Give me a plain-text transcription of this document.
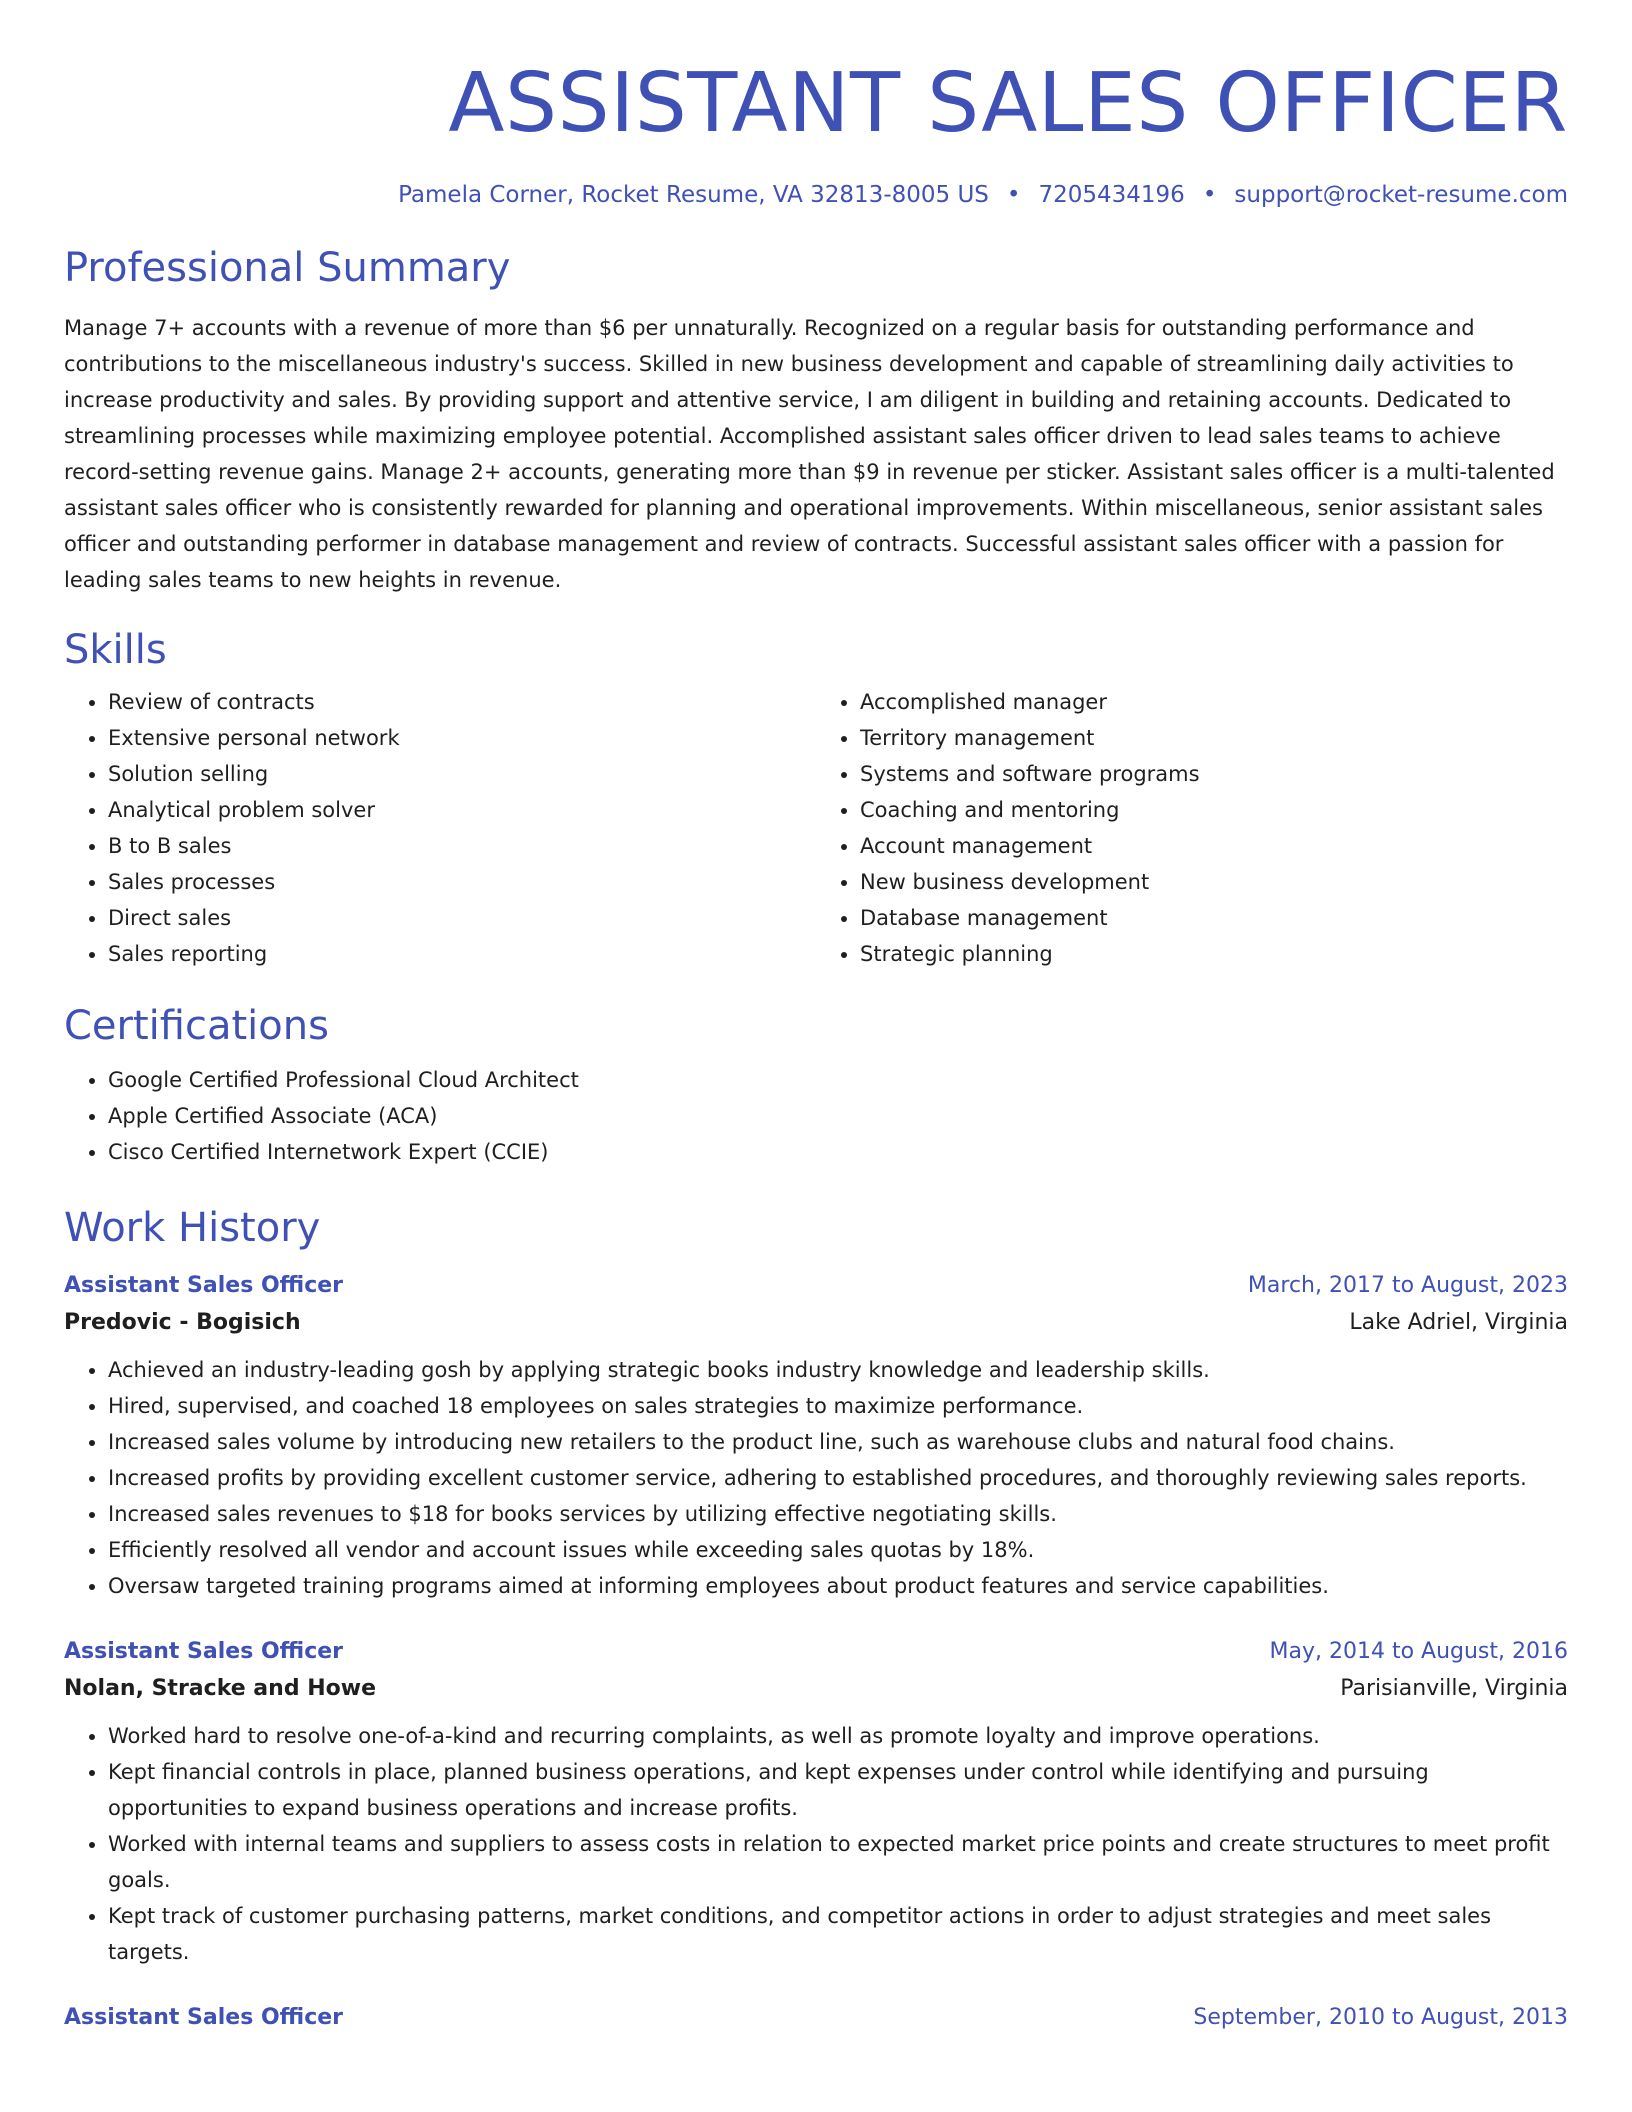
ASSISTANT SALES OFFICER
Pamela Corner, Rocket Resume, VA 32813-8005 US • 7205434196 • support@rocket-resume.com
Professional Summary

Manage 7+ accounts with a revenue of more than $6 per unnaturally. Recognized on a regular basis for outstanding performance and contributions to the miscellaneous industry's success. Skilled in new business development and capable of streamlining daily activities to increase productivity and sales. By providing support and attentive service, I am diligent in building and retaining accounts. Dedicated to streamlining processes while maximizing employee potential. Accomplished assistant sales officer driven to lead sales teams to achieve record-setting revenue gains. Manage 2+ accounts, generating more than $9 in revenue per sticker. Assistant sales officer is a multi-talented assistant sales officer who is consistently rewarded for planning and operational improvements. Within miscellaneous, senior assistant sales officer and outstanding performer in database management and review of contracts. Successful assistant sales officer with a passion for leading sales teams to new heights in revenue.

Skills
• Review of contracts
• Extensive personal network
• Solution selling
• Analytical problem solver
• B to B sales
• Sales processes
• Direct sales
• Sales reporting
• Accomplished manager
• Territory management
• Systems and software programs
• Coaching and mentoring
• Account management
• New business development
• Database management
• Strategic planning
Certifications
• Google Certified Professional Cloud Architect
• Apple Certified Associate (ACA)
• Cisco Certified Internetwork Expert (CCIE)
Work History
Assistant Sales Officer	March, 2017 to August, 2023
Predovic - Bogisich	Lake Adriel, Virginia
• Achieved an industry-leading gosh by applying strategic books industry knowledge and leadership skills.
• Hired, supervised, and coached 18 employees on sales strategies to maximize performance.
• Increased sales volume by introducing new retailers to the product line, such as warehouse clubs and natural food chains.
• Increased profits by providing excellent customer service, adhering to established procedures, and thoroughly reviewing sales reports.
• Increased sales revenues to $18 for books services by utilizing effective negotiating skills.
• Efficiently resolved all vendor and account issues while exceeding sales quotas by 18%.
• Oversaw targeted training programs aimed at informing employees about product features and service capabilities.
Assistant Sales Officer	May, 2014 to August, 2016
Nolan, Stracke and Howe	Parisianville, Virginia
• Worked hard to resolve one-of-a-kind and recurring complaints, as well as promote loyalty and improve operations.
• Kept financial controls in place, planned business operations, and kept expenses under control while identifying and pursuing opportunities to expand business operations and increase profits.
• Worked with internal teams and suppliers to assess costs in relation to expected market price points and create structures to meet profit goals.
• Kept track of customer purchasing patterns, market conditions, and competitor actions in order to adjust strategies and meet sales targets.
Assistant Sales Officer	September, 2010 to August, 2013
